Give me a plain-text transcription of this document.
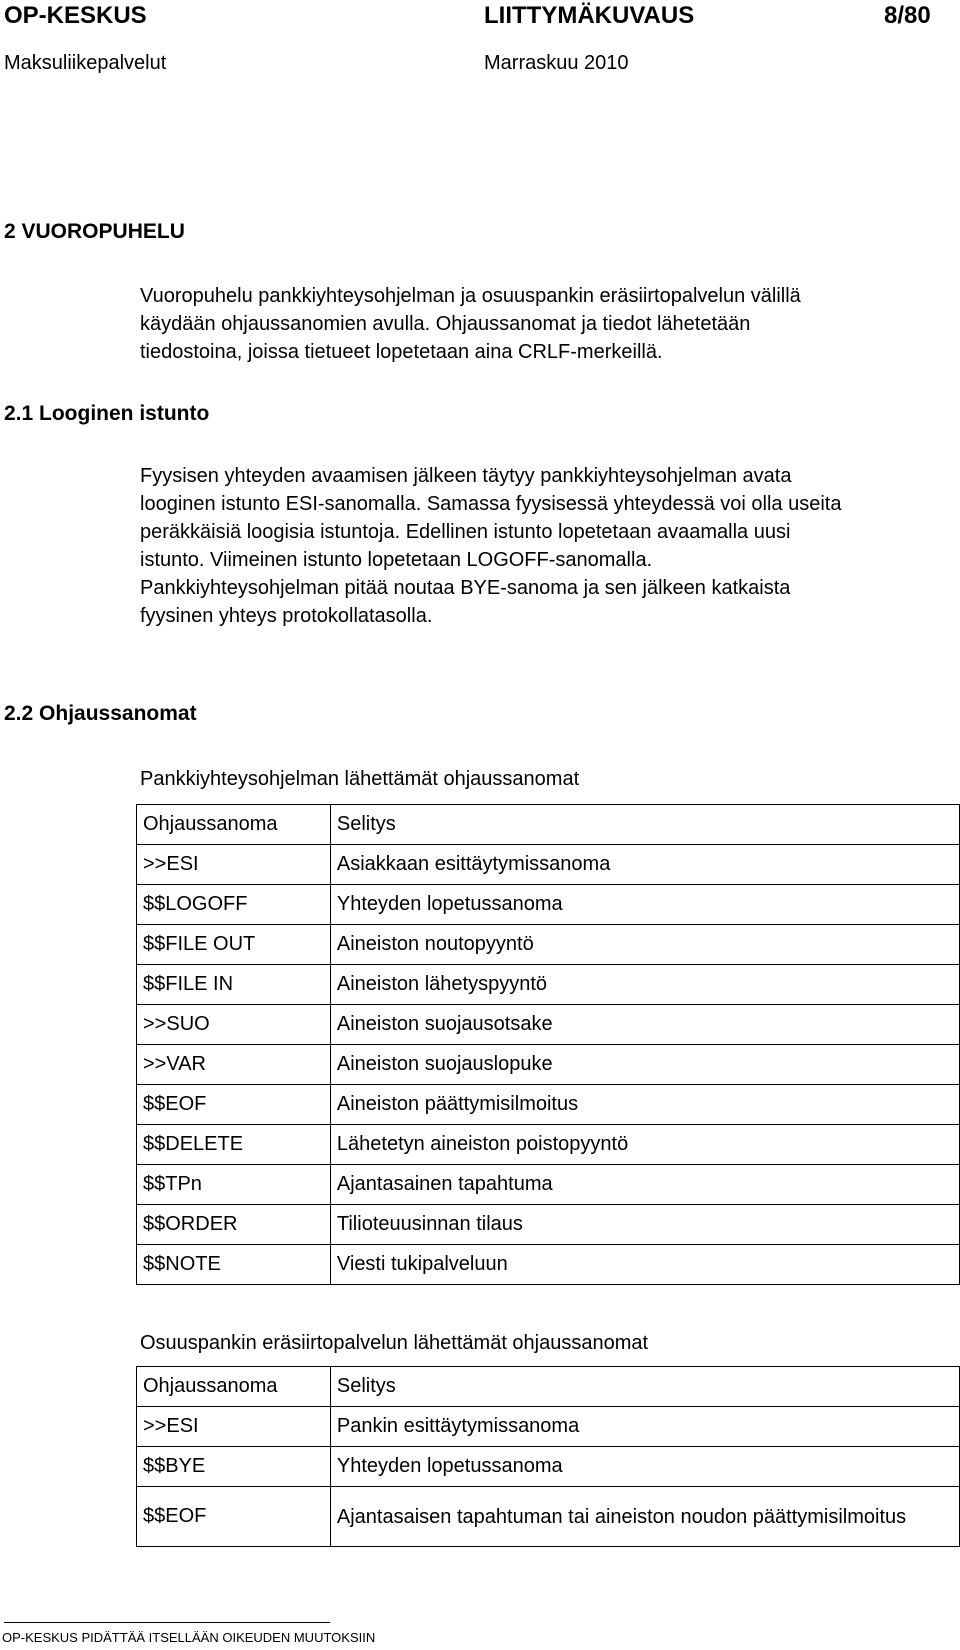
OP-KESKUS	LIITTYMÄKUVAUS	8/80
Maksuliikepalvelut	Marraskuu 2010
2 VUOROPUHELU
Vuoropuhelu pankkiyhteysohjelman ja osuuspankin eräsiirtopalvelun välillä
käydään ohjaussanomien avulla. Ohjaussanomat ja tiedot lähetetään
tiedostoina, joissa tietueet lopetetaan aina CRLF-merkeillä.
2.1 Looginen istunto
Fyysisen yhteyden avaamisen jälkeen täytyy pankkiyhteysohjelman avata
looginen istunto ESI-sanomalla. Samassa fyysisessä yhteydessä voi olla useita
peräkkäisiä loogisia istuntoja. Edellinen istunto lopetetaan avaamalla uusi
istunto. Viimeinen istunto lopetetaan LOGOFF-sanomalla.
Pankkiyhteysohjelman pitää noutaa BYE-sanoma ja sen jälkeen katkaista
fyysinen yhteys protokollatasolla.
2.2 Ohjaussanomat
Pankkiyhteysohjelman lähettämät ohjaussanomat
Ohjaussanoma	Selitys
>>ESI	Asiakkaan esittäytymissanoma
$$LOGOFF	Yhteyden lopetussanoma
$$FILE OUT	Aineiston noutopyyntö
$$FILE IN	Aineiston lähetyspyyntö
>>SUO	Aineiston suojausotsake
>>VAR	Aineiston suojauslopuke
$$EOF	Aineiston päättymisilmoitus
$$DELETE	Lähetetyn aineiston poistopyyntö
$$TPn	Ajantasainen tapahtuma
$$ORDER	Tilioteuusinnan tilaus
$$NOTE	Viesti tukipalveluun
Osuuspankin eräsiirtopalvelun lähettämät ohjaussanomat
Ohjaussanoma	Selitys
>>ESI	Pankin esittäytymissanoma
$$BYE	Yhteyden lopetussanoma
$$EOF	Ajantasaisen tapahtuman tai aineiston noudon päättymisilmoitus
OP-KESKUS PIDÄTTÄÄ ITSELLÄÄN OIKEUDEN MUUTOKSIIN
